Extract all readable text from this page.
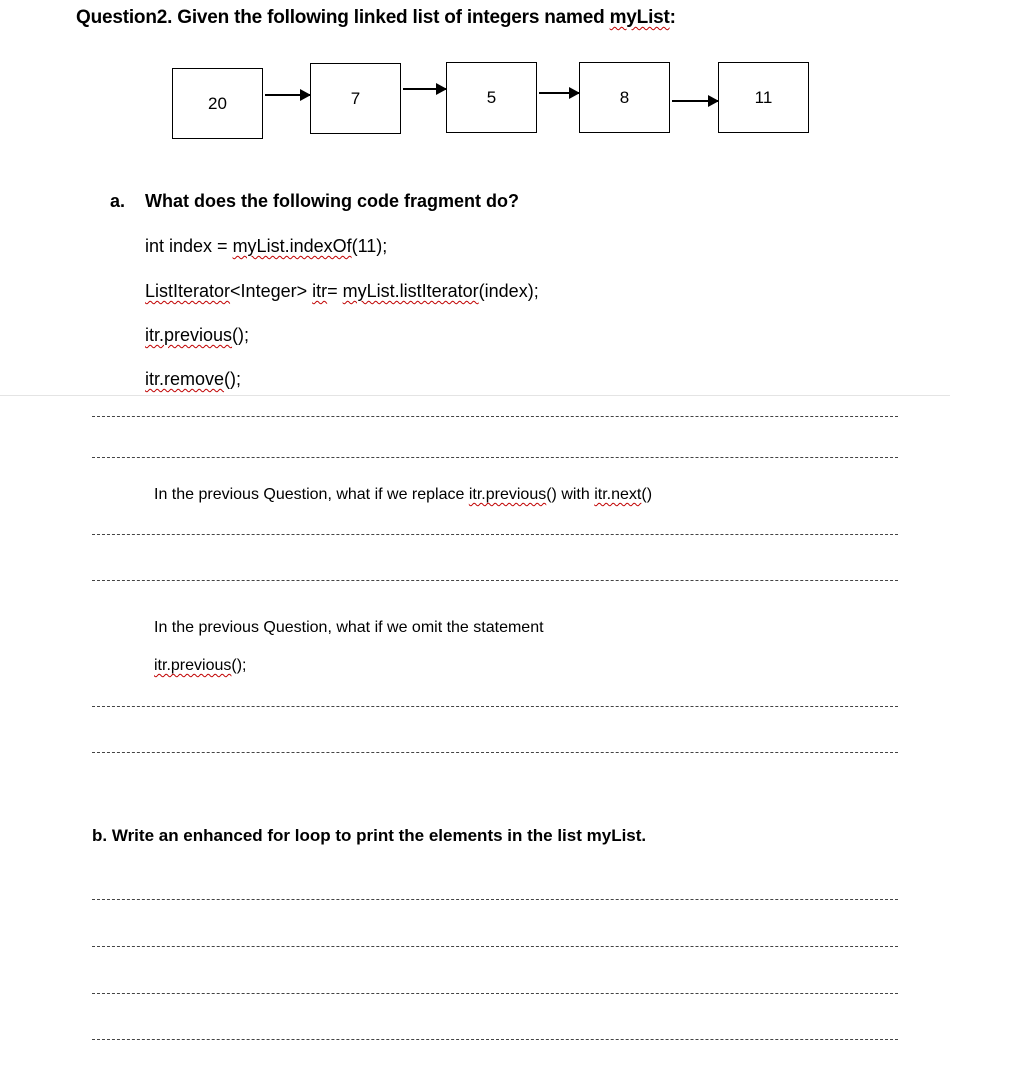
Question2. Given the following linked list of integers named myList:
20	7	5	8	11
a. What does the following code fragment do?
int index = myList.indexOf(11);
ListIterator<Integer> itr= myList.listIterator(index);
itr.previous();
itr.remove();
In the previous Question, what if we replace itr.previous() with itr.next()
In the previous Question, what if we omit the statement
itr.previous();
b. Write an enhanced for loop to print the elements in the list myList.
